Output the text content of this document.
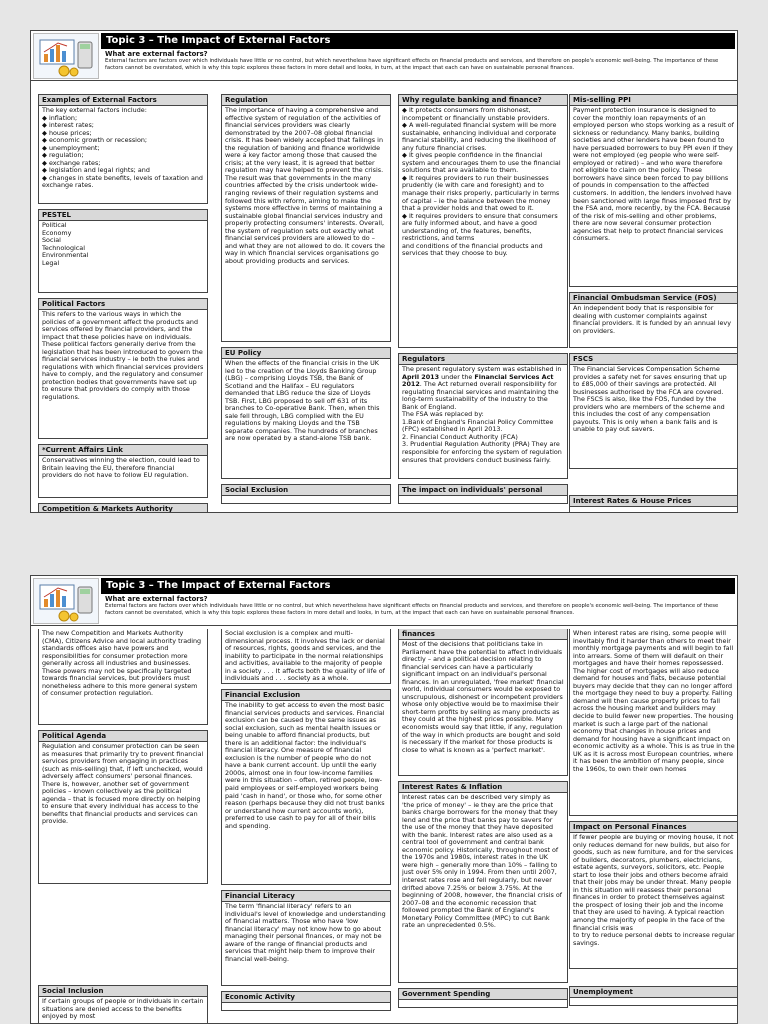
Topic 3 – The Impact of External Factors
What are external factors?
External factors are factors over which individuals have little or no control, but which nevertheless have significant effects on financial products and services, and therefore on people's economic well-being. The importance of these factors cannot be overstated, which is why this topic explores these factors in more detail and looks, in turn, at the impact that each can have on sustainable personal finances.
Examples of External Factors
The key external factors include:
◆ inflation;
◆ interest rates;
◆ house prices;
◆ economic growth or recession;
◆ unemployment;
◆ regulation;
◆ exchange rates;
◆ legislation and legal rights; and
◆ changes in state benefits, levels of taxation and exchange rates.
PESTEL
Political
Economy
Social
Technological
Environmental
Legal
Political Factors
This refers to the various ways in which the policies of a government affect the products and services offered by financial providers, and the impact that these policies have on individuals. These political factors generally derive from the legislation that has been introduced to govern the financial services industry – ie both the rules and regulations with which financial services providers have to comply, and the regulatory and consumer protection bodies that governments have set up to ensure that providers do comply with those regulations.
*Current Affairs Link
Conservatives winning the election, could lead to Britain leaving the EU, therefore financial providers do not have to follow EU regulation.
Competition & Markets Authority
Regulation
The importance of having a comprehensive and effective system of regulation of the activities of financial services providers was clearly demonstrated by the 2007–08 global financial crisis. It has been widely accepted that failings in the regulation of banking and finance worldwide were a key factor among those that caused the crisis; at the very least, it is agreed that better regulation may have helped to prevent the crisis. The result was that governments in the many countries affected by the crisis undertook wide-ranging reviews of their regulation systems and followed this with reform, aiming to make the systems more effective in terms of maintaining a sustainable global financial services industry and properly protecting consumers' interests. Overall, the system of regulation sets out exactly what financial services providers are allowed to do – and what they are not allowed to do. It covers the way in which financial services organisations go about providing products and services.
EU Policy
When the effects of the financial crisis in the UK led to the creation of the Lloyds Banking Group (LBG) – comprising Lloyds TSB, the Bank of Scotland and the Halifax – EU regulators demanded that LBG reduce the size of Lloyds TSB. First, LBG proposed to sell off 631 of its branches to Co-operative Bank. Then, when this sale fell through, LBG complied with the EU regulations by making Lloyds and the TSB separate companies. The hundreds of branches are now operated by a stand-alone TSB bank.
Social Exclusion
Why regulate banking and finance?
◆ It protects consumers from dishonest, incompetent or financially unstable providers.
◆ A well-regulated financial system will be more sustainable, enhancing individual and corporate financial stability, and reducing the likelihood of any future financial crises.
◆ It gives people confidence in the financial system and encourages them to use the financial solutions that are available to them.
◆ It requires providers to run their businesses prudently (ie with care and foresight) and to manage their risks properly, particularly in terms of capital – ie the balance between the money that a provider holds and that owed to it.
◆ It requires providers to ensure that consumers are fully informed about, and have a good understanding of, the features, benefits, restrictions, and terms
and conditions of the financial products and services that they choose to buy.
Regulators
The present regulatory system was established in April 2013 under the Financial Services Act 2012. The Act returned overall responsibility for regulating financial services and maintaining the long-term sustainability of the industry to the Bank of England.
The FSA was replaced by:
1.Bank of England's Financial Policy Committee (FPC) established in April 2013.
2. Financial Conduct Authority (FCA)
3. Prudential Regulation Authority (PRA) They are responsible for enforcing the system of regulation ensures that providers conduct business fairly.
The impact on individuals' personal
Mis-selling PPI
Payment protection insurance is designed to cover the monthly loan repayments of an employed person who stops working as a result of sickness or redundancy. Many banks, building societies and other lenders have been found to have persuaded borrowers to buy PPI even if they were not employed (eg people who were self-employed or retired) – and who were therefore not eligible to claim on the policy. These borrowers have since been forced to pay billions of pounds in compensation to the affected customers. In addition, the lenders involved have been sanctioned with large fines imposed first by the FSA and, more recently, by the FCA. Because of the risk of mis-selling and other problems, there are now several consumer protection agencies that help to protect financial services consumers.
Financial Ombudsman Service (FOS)
An independent body that is responsible for dealing with customer complaints against financial providers. It is funded by an annual levy on providers.
FSCS
The Financial Services Compensation Scheme provides a safety net for saves ensuring that up to £85,000 of their savings are protected. All businesses authorised by the FCA are covered. The FSCS is also, like the FOS, funded by the providers who are members of the scheme and this includes the cost of any compensation payouts. This is only when a bank fails and is unable to pay out savers.
Interest Rates & House Prices
Topic 3 – The Impact of External Factors
What are external factors?
External factors are factors over which individuals have little or no control, but which nevertheless have significant effects on financial products and services, and therefore on people's economic well-being. The importance of these factors cannot be overstated, which is why this topic explores these factors in more detail and looks, in turn, at the impact that each can have on sustainable personal finances.
The new Competition and Markets Authority (CMA), Citizens Advice and local authority trading standards offices also have powers and responsibilities for consumer protection more generally across all industries and businesses. These powers may not be specifically targeted towards financial services, but providers must nonetheless adhere to this more general system of consumer protection regulation.
Political Agenda
Regulation and consumer protection can be seen as measures that primarily try to prevent financial services providers from engaging in practices (such as mis-selling) that, if left unchecked, would adversely affect consumers' personal finances. There is, however, another set of government policies – known collectively as the political agenda – that is focused more directly on helping to ensure that every individual has access to the benefits that financial products and services can provide.
Social Inclusion
If certain groups of people or individuals in certain situations are denied access to the benefits enjoyed by most
Social exclusion is a complex and multi-dimensional process. It involves the lack or denial of resources, rights, goods and services, and the inability to participate in the normal relationships and activities, available to the majority of people in a society . . . It affects both the quality of life of individuals and . . . society as a whole.
Financial Exclusion
The inability to get access to even the most basic financial services products and services. Financial exclusion can be caused by the same issues as social exclusion, such as mental health issues or being unable to afford financial products, but there is an additional factor: the individual's financial literacy. One measure of financial exclusion is the number of people who do not have a bank current account. Up until the early 2000s, almost one in four low-income families were in this situation – often, retired people, low-paid employees or self-employed workers being paid 'cash in hand', or those who, for some other reason (perhaps because they did not trust banks or understand how current accounts work), preferred to use cash to pay for all of their bills and spending.
Financial Literacy
The term 'financial literacy' refers to an individual's level of knowledge and understanding of financial matters. Those who have 'low financial literacy' may not know how to go about managing their personal finances, or may not be aware of the range of financial products and services that might help them to improve their financial well-being.
Economic Activity
finances
Most of the decisions that politicians take in Parliament have the potential to affect individuals directly – and a political decision relating to financial services can have a particularly significant impact on an individual's personal finances. In an unregulated, 'free market' financial world, individual consumers would be exposed to unscrupulous, dishonest or incompetent providers whose only objective would be to maximise their short-term profits by selling as many products as they could at the highest prices possible. Many economists would say that little, if any, regulation of the way in which products are bought and sold is necessary if the market for those products is close to what is known as a 'perfect market'.
Interest Rates & Inflation
Interest rates can be described very simply as 'the price of money' – ie they are the price that banks charge borrowers for the money that they lend and the price that banks pay to savers for the use of the money that they have deposited with the bank. Interest rates are also used as a central tool of government and central bank economic policy. Historically, throughout most of the 1970s and 1980s, interest rates in the UK were high – generally more than 10% – falling to just over 5% only in 1994. From then until 2007, interest rates rose and fell regularly, but never drifted above 7.25% or below 3.75%. At the beginning of 2008, however, the financial crisis of 2007–08 and the economic recession that followed prompted the Bank of England's Monetary Policy Committee (MPC) to cut Bank rate an unprecedented 0.5%.
Government Spending
When interest rates are rising, some people will inevitably find it harder than others to meet their monthly mortgage payments and will begin to fall into arrears. Some of them will default on their mortgages and have their homes repossessed. The higher cost of mortgages will also reduce demand for houses and flats, because potential buyers may decide that they can no longer afford the mortgage they need to buy a property. Falling demand will then cause property prices to fall across the housing market and builders may decide to build fewer new properties. The housing market is such a large part of the national economy that changes in house prices and demand for housing have a significant impact on economic activity as a whole. This is as true in the UK as it is across most European countries, where it has been the ambition of many people, since the 1960s, to own their own homes
Impact on Personal Finances
If fewer people are buying or moving house, it not only reduces demand for new builds, but also for goods, such as new furniture, and for the services of builders, decorators, plumbers, electricians, estate agents, surveyors, solicitors, etc. People start to lose their jobs and others become afraid that their jobs may be under threat. Many people in this situation will reassess their personal finances in order to protect themselves against the prospect of losing their job and the income that they are used to having. A typical reaction among the majority of people in the face of the financial crisis was
to try to reduce personal debts to increase regular savings.
Unemployment
